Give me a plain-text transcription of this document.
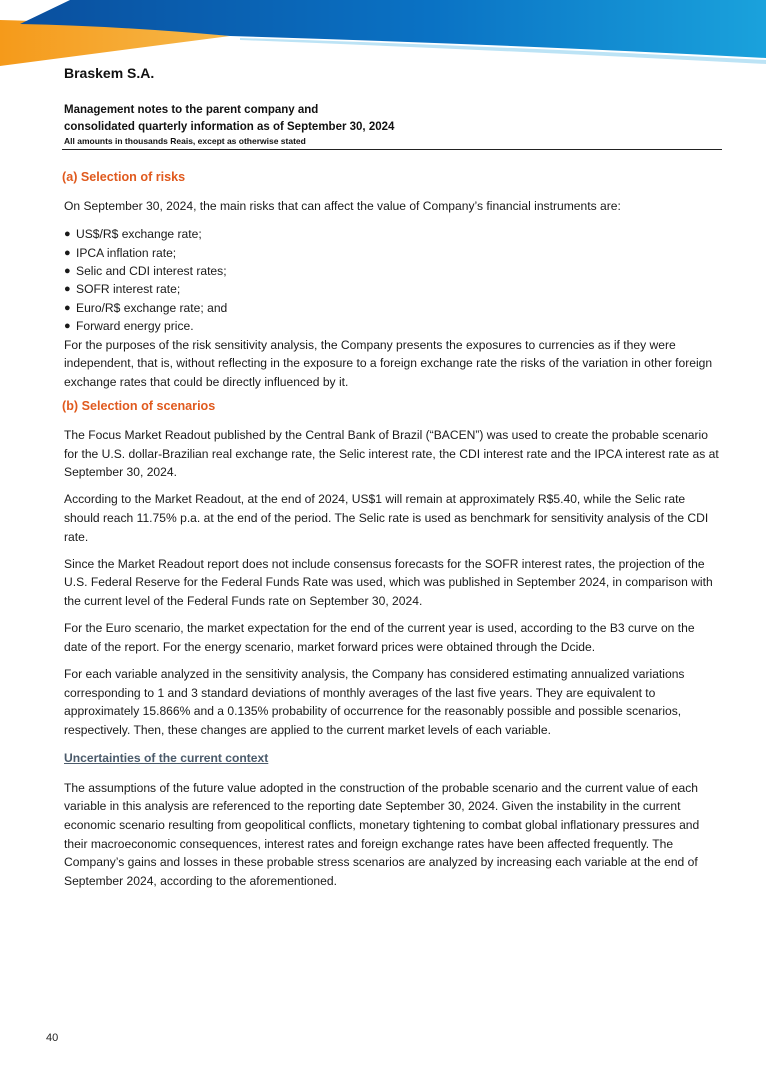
Braskem S.A.
Management notes to the parent company and
consolidated quarterly information as of September 30, 2024
All amounts in thousands Reais, except as otherwise stated
(a) Selection of risks

On September 30, 2024, the main risks that can affect the value of Company’s financial instruments are:

● US$/R$ exchange rate;
● IPCA inflation rate;
● Selic and CDI interest rates;
● SOFR interest rate;
● Euro/R$ exchange rate; and
● Forward energy price.

For the purposes of the risk sensitivity analysis, the Company presents the exposures to currencies as if they were independent, that is, without reflecting in the exposure to a foreign exchange rate the risks of the variation in other foreign exchange rates that could be directly influenced by it.

(b) Selection of scenarios

The Focus Market Readout published by the Central Bank of Brazil (“BACEN”) was used to create the probable scenario for the U.S. dollar-Brazilian real exchange rate, the Selic interest rate, the CDI interest rate and the IPCA interest rate as at September 30, 2024.

According to the Market Readout, at the end of 2024, US$1 will remain at approximately R$5.40, while the Selic rate should reach 11.75% p.a. at the end of the period. The Selic rate is used as benchmark for sensitivity analysis of the CDI rate.

Since the Market Readout report does not include consensus forecasts for the SOFR interest rates, the projection of the U.S. Federal Reserve for the Federal Funds Rate was used, which was published in September 2024, in comparison with the current level of the Federal Funds rate on September 30, 2024.

For the Euro scenario, the market expectation for the end of the current year is used, according to the B3 curve on the date of the report. For the energy scenario, market forward prices were obtained through the Dcide.

For each variable analyzed in the sensitivity analysis, the Company has considered estimating annualized variations corresponding to 1 and 3 standard deviations of monthly averages of the last five years. They are equivalent to approximately 15.866% and a 0.135% probability of occurrence for the reasonably possible and possible scenarios, respectively. Then, these changes are applied to the current market levels of each variable.

Uncertainties of the current context

The assumptions of the future value adopted in the construction of the probable scenario and the current value of each variable in this analysis are referenced to the reporting date September 30, 2024. Given the instability in the current economic scenario resulting from geopolitical conflicts, monetary tightening to combat global inflationary pressures and their macroeconomic consequences, interest rates and foreign exchange rates have been affected frequently. The Company’s gains and losses in these probable stress scenarios are analyzed by increasing each variable at the end of September 2024, according to the aforementioned.

40
